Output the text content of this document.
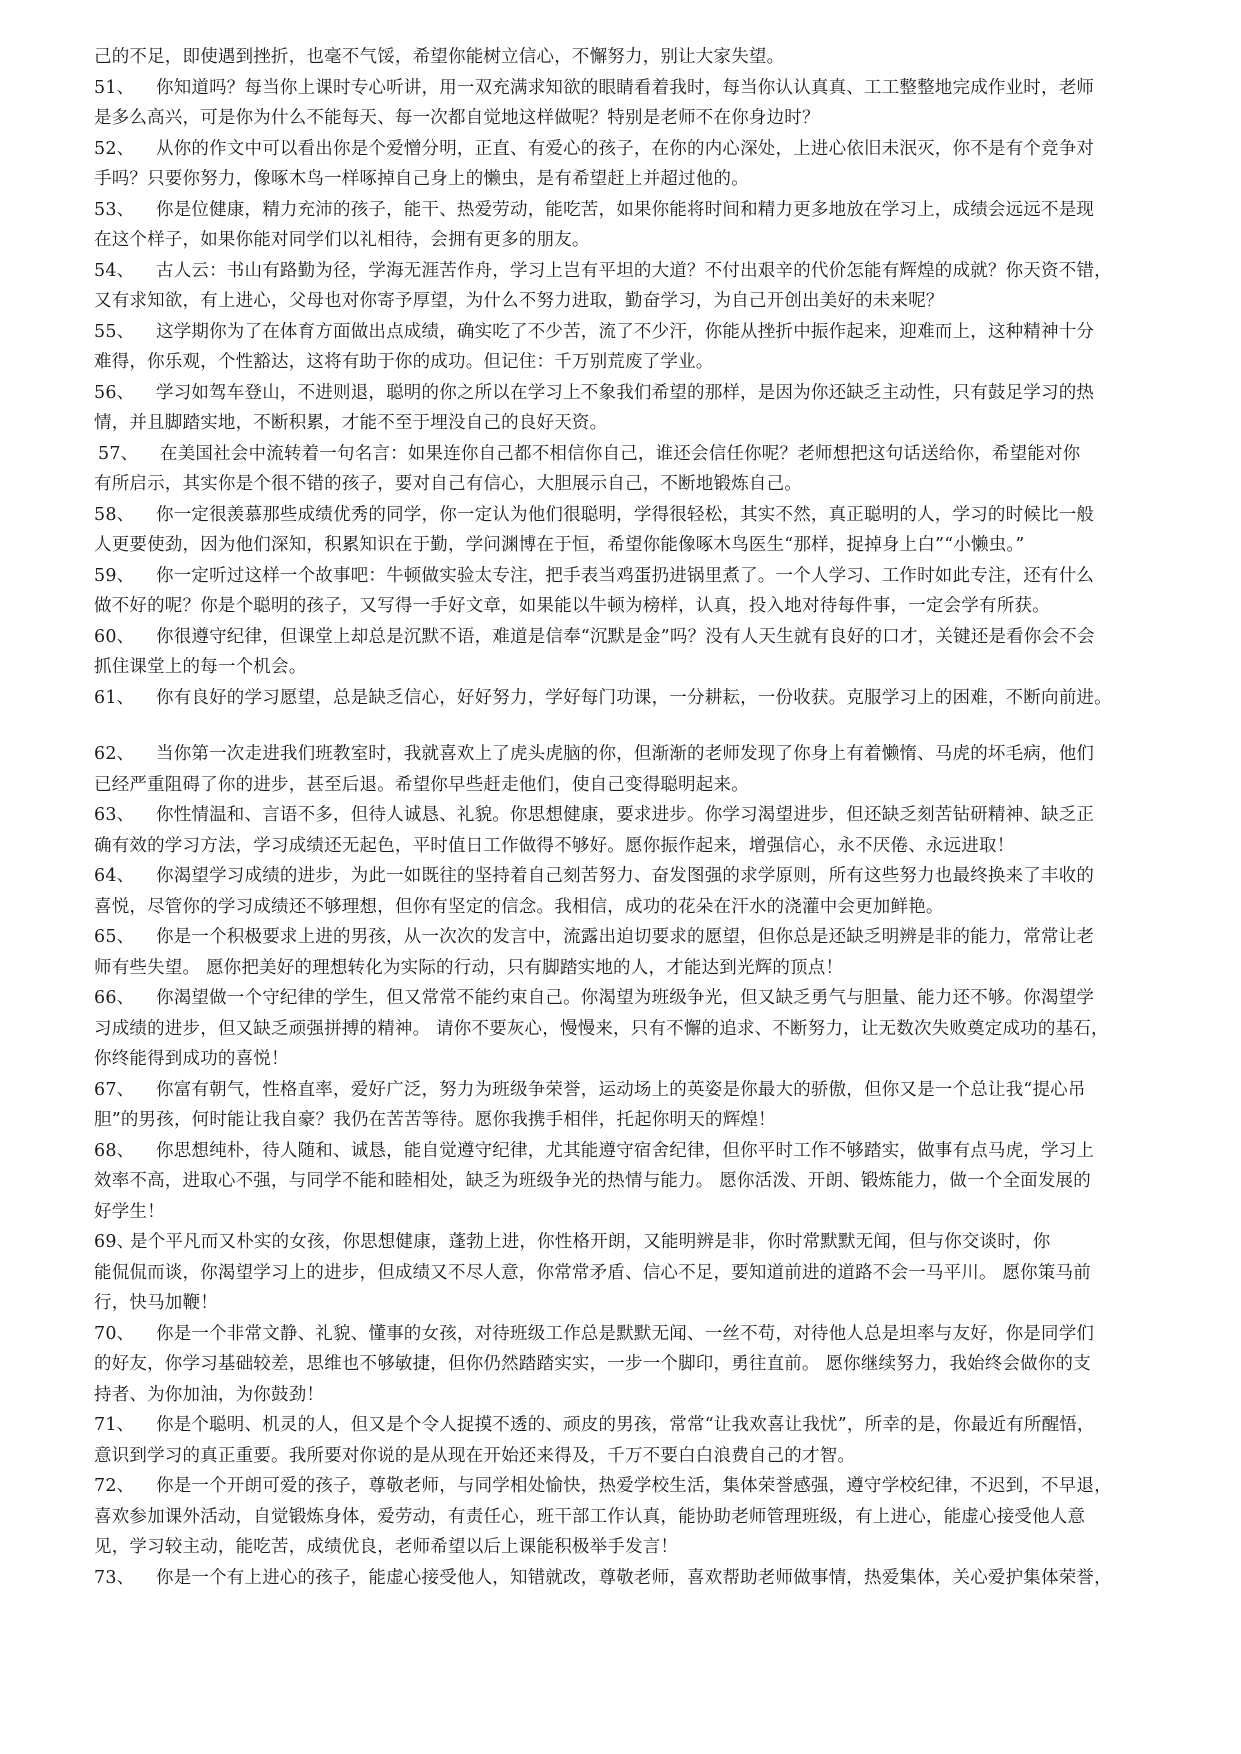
己的不足，即使遇到挫折，也毫不气馁，希望你能树立信心，不懈努力，别让大家失望。
51、 你知道吗？每当你上课时专心听讲，用一双充满求知欲的眼睛看着我时，每当你认认真真、工工整整地完成作业时，老师
是多么高兴，可是你为什么不能每天、每一次都自觉地这样做呢？特别是老师不在你身边时？
52、 从你的作文中可以看出你是个爱憎分明，正直、有爱心的孩子，在你的内心深处，上进心依旧未泯灭，你不是有个竞争对
手吗？只要你努力，像啄木鸟一样啄掉自己身上的懒虫，是有希望赶上并超过他的。
53、 你是位健康，精力充沛的孩子，能干、热爱劳动，能吃苦，如果你能将时间和精力更多地放在学习上，成绩会远远不是现
在这个样子，如果你能对同学们以礼相待，会拥有更多的朋友。
54、 古人云：书山有路勤为径，学海无涯苦作舟，学习上岂有平坦的大道？不付出艰辛的代价怎能有辉煌的成就？你天资不错，
又有求知欲，有上进心，父母也对你寄予厚望，为什么不努力进取，勤奋学习，为自己开创出美好的未来呢？
55、 这学期你为了在体育方面做出点成绩，确实吃了不少苦，流了不少汗，你能从挫折中振作起来，迎难而上，这种精神十分
难得，你乐观，个性豁达，这将有助于你的成功。但记住：千万别荒废了学业。
56、 学习如驾车登山，不进则退，聪明的你之所以在学习上不象我们希望的那样，是因为你还缺乏主动性，只有鼓足学习的热
情，并且脚踏实地，不断积累，才能不至于埋没自己的良好天资。
57、 在美国社会中流转着一句名言：如果连你自己都不相信你自己，谁还会信任你呢？老师想把这句话送给你，希望能对你
有所启示，其实你是个很不错的孩子，要对自己有信心，大胆展示自己，不断地锻炼自己。
58、 你一定很羡慕那些成绩优秀的同学，你一定认为他们很聪明，学得很轻松，其实不然，真正聪明的人，学习的时候比一般
人更要使劲，因为他们深知，积累知识在于勤，学问渊博在于恒，希望你能像啄木鸟医生“那样，捉掉身上白”“小懒虫。”
59、 你一定听过这样一个故事吧：牛顿做实验太专注，把手表当鸡蛋扔进锅里煮了。一个人学习、工作时如此专注，还有什么
做不好的呢？你是个聪明的孩子，又写得一手好文章，如果能以牛顿为榜样，认真，投入地对待每件事，一定会学有所获。
60、 你很遵守纪律，但课堂上却总是沉默不语，难道是信奉“沉默是金”吗？没有人天生就有良好的口才，关键还是看你会不会
抓住课堂上的每一个机会。
61、 你有良好的学习愿望，总是缺乏信心，好好努力，学好每门功课，一分耕耘，一份收获。克服学习上的困难，不断向前进。
62、 当你第一次走进我们班教室时，我就喜欢上了虎头虎脑的你，但渐渐的老师发现了你身上有着懒惰、马虎的坏毛病，他们
已经严重阻碍了你的进步，甚至后退。希望你早些赶走他们，使自己变得聪明起来。
63、 你性情温和、言语不多，但待人诚恳、礼貌。你思想健康，要求进步。你学习渴望进步，但还缺乏刻苦钻研精神、缺乏正
确有效的学习方法，学习成绩还无起色，平时值日工作做得不够好。愿你振作起来，增强信心，永不厌倦、永远进取！
64、 你渴望学习成绩的进步，为此一如既往的坚持着自己刻苦努力、奋发图强的求学原则，所有这些努力也最终换来了丰收的
喜悦，尽管你的学习成绩还不够理想，但你有坚定的信念。我相信，成功的花朵在汗水的浇灌中会更加鲜艳。
65、 你是一个积极要求上进的男孩，从一次次的发言中，流露出迫切要求的愿望，但你总是还缺乏明辨是非的能力，常常让老
师有些失望。 愿你把美好的理想转化为实际的行动，只有脚踏实地的人，才能达到光辉的顶点！
66、 你渴望做一个守纪律的学生，但又常常不能约束自己。你渴望为班级争光，但又缺乏勇气与胆量、能力还不够。你渴望学
习成绩的进步，但又缺乏顽强拼搏的精神。 请你不要灰心，慢慢来，只有不懈的追求、不断努力，让无数次失败奠定成功的基石，
你终能得到成功的喜悦！
67、 你富有朝气，性格直率，爱好广泛，努力为班级争荣誉，运动场上的英姿是你最大的骄傲，但你又是一个总让我“提心吊
胆”的男孩，何时能让我自豪？我仍在苦苦等待。愿你我携手相伴，托起你明天的辉煌！
68、 你思想纯朴，待人随和、诚恳，能自觉遵守纪律，尤其能遵守宿舍纪律，但你平时工作不够踏实，做事有点马虎，学习上
效率不高，进取心不强，与同学不能和睦相处，缺乏为班级争光的热情与能力。 愿你活泼、开朗、锻炼能力，做一个全面发展的
好学生！
69、是个平凡而又朴实的女孩，你思想健康，蓬勃上进，你性格开朗，又能明辨是非，你时常默默无闻，但与你交谈时，你
能侃侃而谈，你渴望学习上的进步，但成绩又不尽人意，你常常矛盾、信心不足，要知道前进的道路不会一马平川。 愿你策马前
行，快马加鞭！
70、 你是一个非常文静、礼貌、懂事的女孩，对待班级工作总是默默无闻、一丝不苟，对待他人总是坦率与友好，你是同学们
的好友，你学习基础较差，思维也不够敏捷，但你仍然踏踏实实，一步一个脚印，勇往直前。 愿你继续努力，我始终会做你的支
持者、为你加油，为你鼓劲！
71、 你是个聪明、机灵的人，但又是个令人捉摸不透的、顽皮的男孩，常常“让我欢喜让我忧”，所幸的是，你最近有所醒悟，
意识到学习的真正重要。我所要对你说的是从现在开始还来得及，千万不要白白浪费自己的才智。
72、 你是一个开朗可爱的孩子，尊敬老师，与同学相处愉快，热爱学校生活，集体荣誉感强，遵守学校纪律，不迟到，不早退，
喜欢参加课外活动，自觉锻炼身体，爱劳动，有责任心，班干部工作认真，能协助老师管理班级，有上进心，能虚心接受他人意
见，学习较主动，能吃苦，成绩优良，老师希望以后上课能积极举手发言！
73、 你是一个有上进心的孩子，能虚心接受他人，知错就改，尊敬老师，喜欢帮助老师做事情，热爱集体，关心爱护集体荣誉，
